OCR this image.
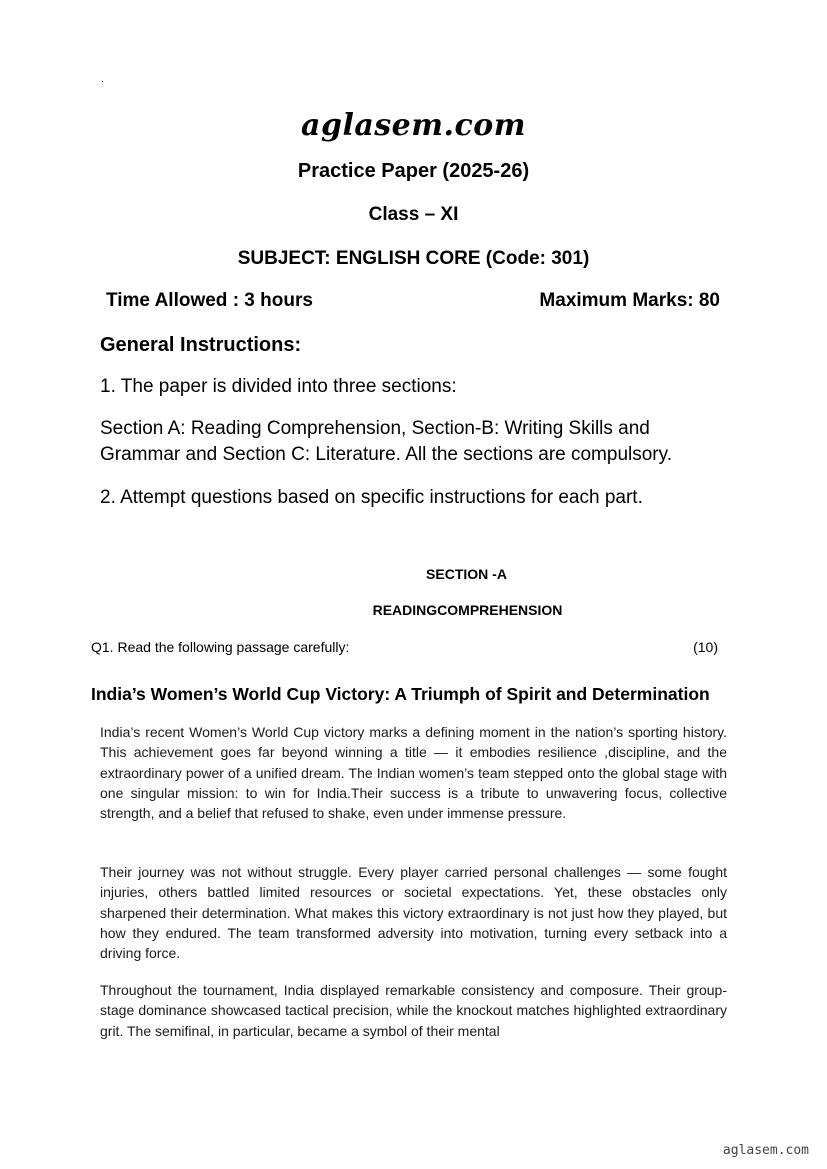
.
aglasem.com
Practice Paper (2025-26)
Class – XI
SUBJECT: ENGLISH CORE (Code: 301)
Time Allowed : 3 hours	Maximum Marks: 80
General Instructions:
1. The paper is divided into three sections:
Section A: Reading Comprehension, Section-B: Writing Skills and Grammar and Section C: Literature. All the sections are compulsory.
2. Attempt questions based on specific instructions for each part.
SECTION -A
READINGCOMPREHENSION
Q1. Read the following passage carefully:	(10)
India’s Women’s World Cup Victory: A Triumph of Spirit and Determination
India’s recent Women’s World Cup victory marks a defining moment in the nation’s sporting history. This achievement goes far beyond winning a title — it embodies resilience ,discipline, and the extraordinary power of a unified dream. The Indian women’s team stepped onto the global stage with one singular mission: to win for India.Their success is a tribute to unwavering focus, collective strength, and a belief that refused to shake, even under immense pressure.
Their journey was not without struggle. Every player carried personal challenges — some fought injuries, others battled limited resources or societal expectations. Yet, these obstacles only sharpened their determination. What makes this victory extraordinary is not just how they played, but how they endured. The team transformed adversity into motivation, turning every setback into a driving force.
Throughout the tournament, India displayed remarkable consistency and composure. Their group-stage dominance showcased tactical precision, while the knockout matches highlighted extraordinary grit. The semifinal, in particular, became a symbol of their mental
aglasem.com
